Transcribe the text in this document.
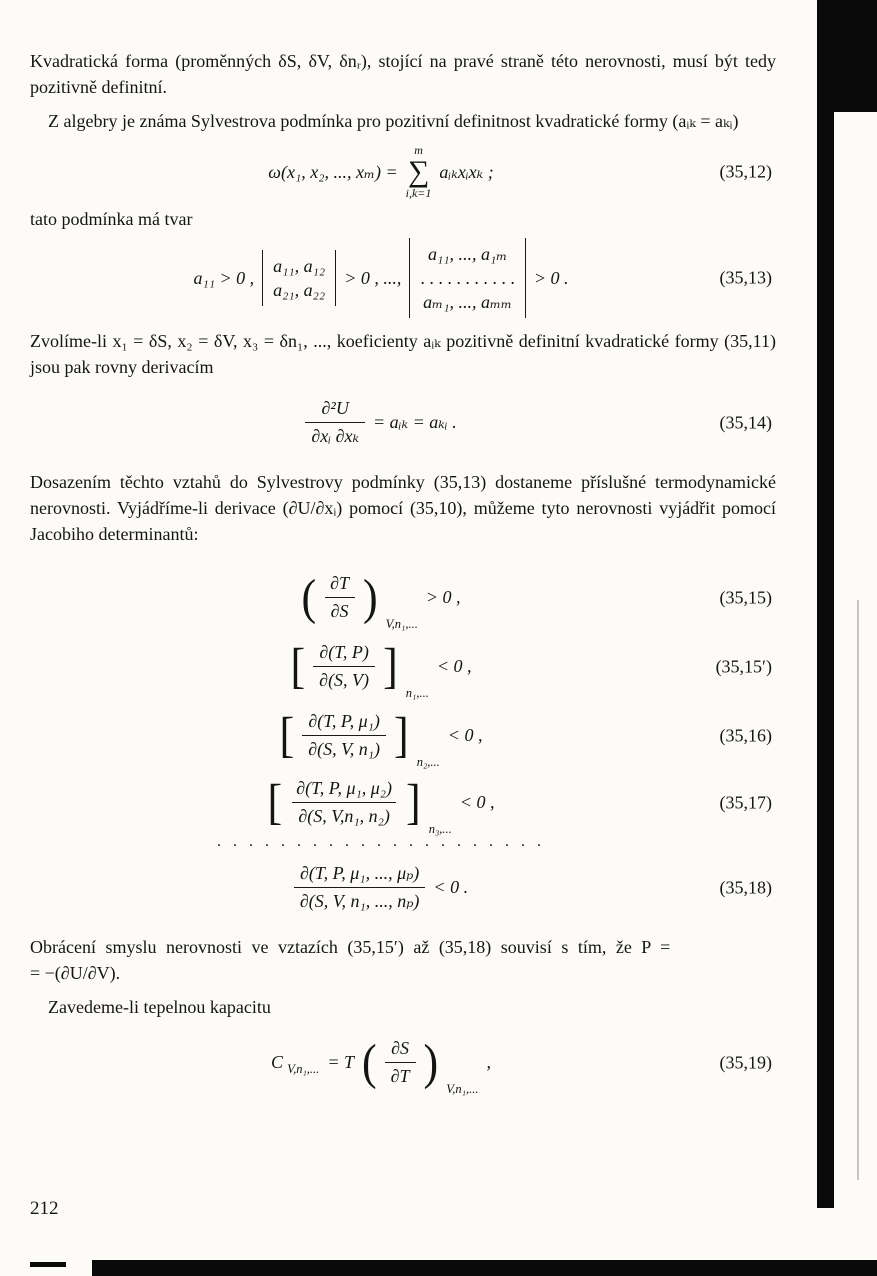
Kvadratická forma (proměnných δS, δV, δnᵣ), stojící na pravé straně této nerovnosti, musí být tedy pozitivně definitní.

Z algebry je známa Sylvestrova podmínka pro pozitivní definitnost kvadratické formy (aᵢₖ = aₖᵢ)

ω(x₁, x₂, ..., xₘ) =
m
∑
i,k=1
aᵢₖxᵢxₖ ;	(35,12)

tato podmínka má tvar

a₁₁ > 0 ,
a₁₁, a₁₂
a₂₁, a₂₂
> 0 , ...,
a₁₁, ..., a₁ₘ
. . . . . . . . . . .
aₘ₁, ..., aₘₘ
> 0 .	(35,13)

Zvolíme-li x₁ = δS, x₂ = δV, x₃ = δn₁, ..., koeficienty aᵢₖ pozitivně definitní kvadratické formy (35,11) jsou pak rovny derivacím

$\frac{\text{∂²U}}{\text{∂xᵢ ∂xₖ}}$ = aᵢₖ = aₖᵢ .	(35,14)

Dosazením těchto vztahů do Sylvestrovy podmínky (35,13) dostaneme příslušné termodynamické nerovnosti. Vyjádříme-li derivace (∂U/∂xᵢ) pomocí (35,10), můžeme tyto nerovnosti vyjádřit pomocí Jacobiho determinantů:

( $\frac{\partial T}{\partial S}$ ) V,n₁,...
> 0 ,	(35,15)
[ $\frac{\partial(T, P)}{\partial(S, V)}$ ] n₁,...
< 0 ,	(35,15′)
[ $\frac{\text{∂(T, P, μ₁)}}{\text{∂(S, V, n₁)}}$ ] n₂,...
< 0 ,	(35,16)
[ $\frac{\text{∂(T, P, μ₁, μ₂)}}{\text{∂(S, V,n₁, n₂)}}$ ] n₃,...
< 0 ,	(35,17)
. . . . . . . . . . . . . . . . . . . . .
$\frac{\text{∂(T, P, μ₁, ..., μₚ)}}{\text{∂(S, V, n₁, ..., nₚ)}} < 0$ .	(35,18)

Obrácení smyslu nerovnosti ve vztazích (35,15′) až (35,18) souvisí s tím, že P =
= −(∂U/∂V).

Zavedeme-li tepelnou kapacitu

C V,n₁,... = T ( $\frac{\partial S}{\partial T}$ ) V,n₁,...
,	(35,19)
212
